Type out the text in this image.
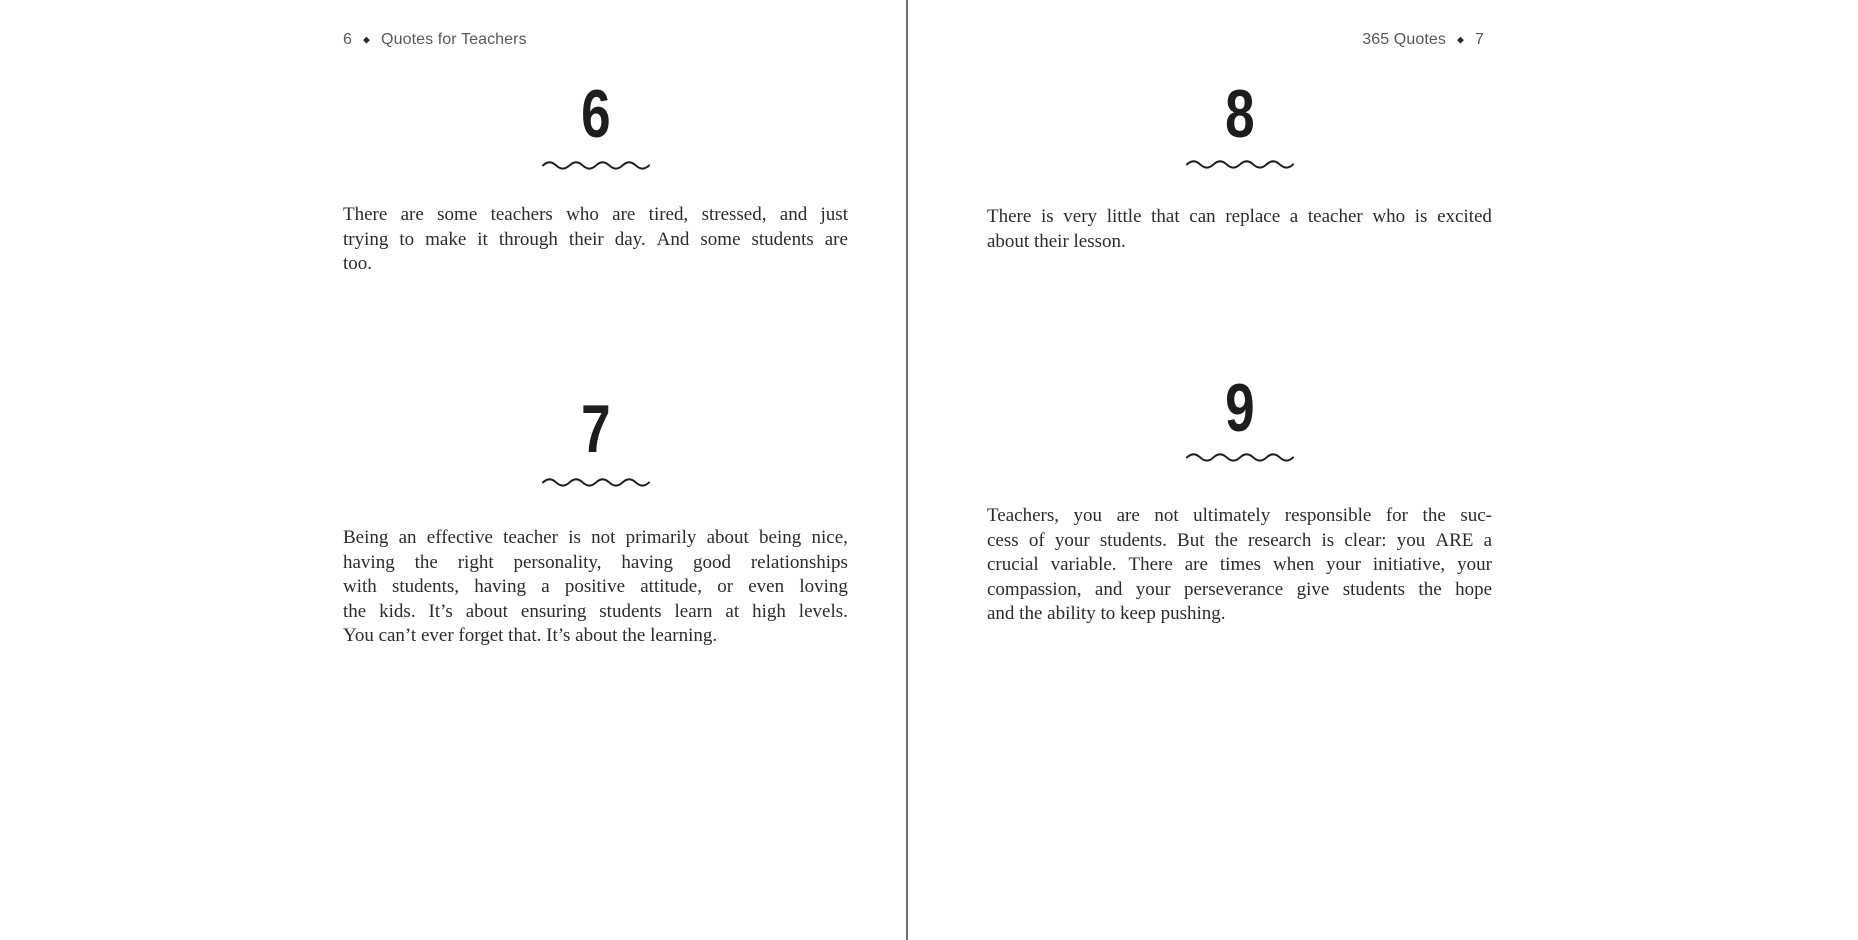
6 ◆ Quotes for Teachers
6
There are some teachers who are tired, stressed, and just
trying to make it through their day. And some students are
too.
7
Being an effective teacher is not primarily about being nice,
having the right personality, having good relationships
with students, having a positive attitude, or even loving
the kids. It’s about ensuring students learn at high levels.
You can’t ever forget that. It’s about the learning.
365 Quotes ◆ 7
8
There is very little that can replace a teacher who is excited
about their lesson.
9
Teachers, you are not ultimately responsible for the suc-
cess of your students. But the research is clear: you ARE a
crucial variable. There are times when your initiative, your
compassion, and your perseverance give students the hope
and the ability to keep pushing.
